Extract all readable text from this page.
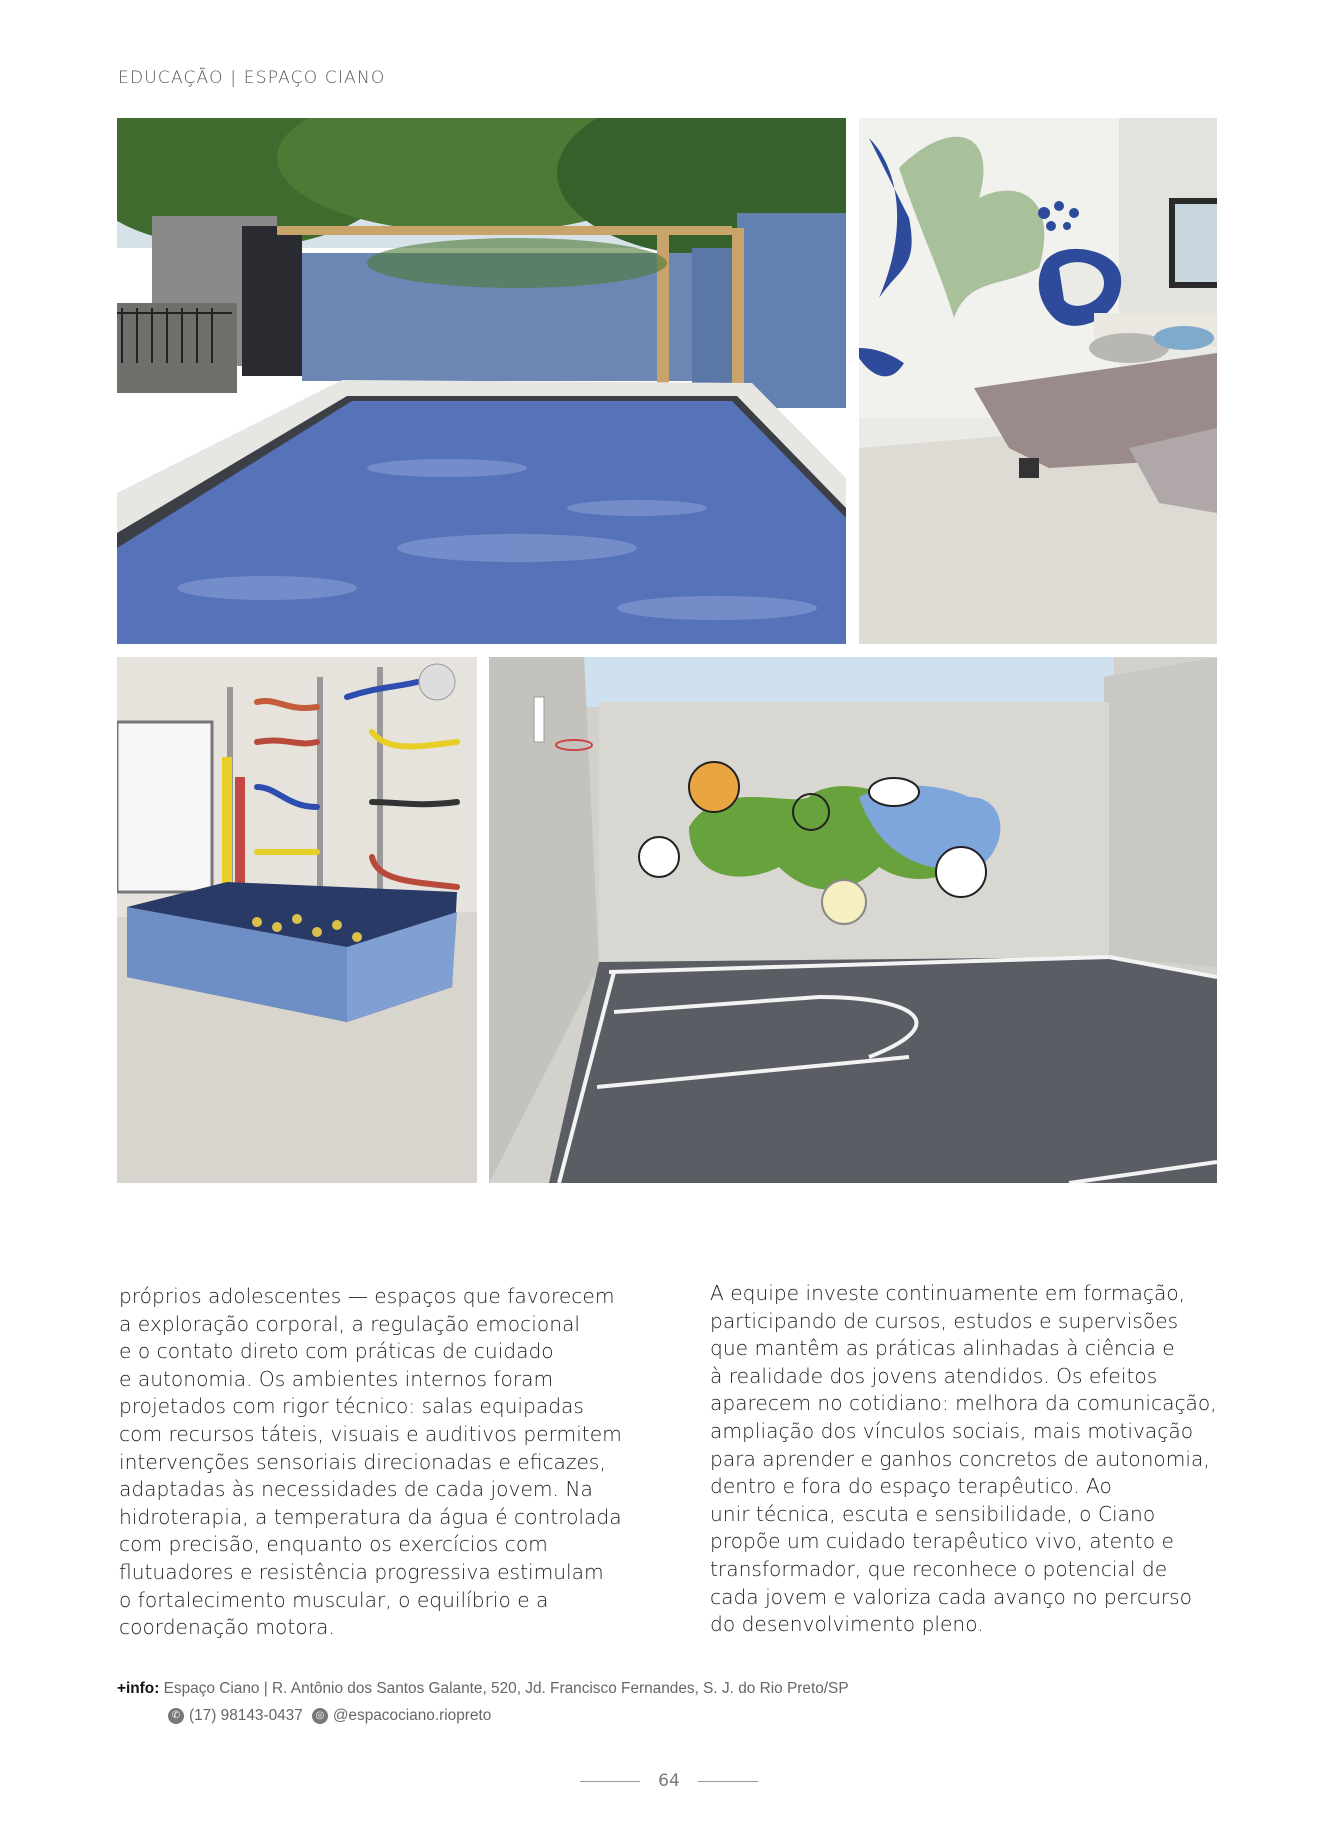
EDUCAÇÃO | ESPAÇO CIANO

próprios adolescentes — espaços que favorecem

a exploração corporal, a regulação emocional

e o contato direto com práticas de cuidado

e autonomia. Os ambientes internos foram

projetados com rigor técnico: salas equipadas

com recursos táteis, visuais e auditivos permitem

intervenções sensoriais direcionadas e eficazes,

adaptadas às necessidades de cada jovem. Na

hidroterapia, a temperatura da água é controlada

com precisão, enquanto os exercícios com

flutuadores e resistência progressiva estimulam

o fortalecimento muscular, o equilíbrio e a

coordenação motora.

A equipe investe continuamente em formação,

participando de cursos, estudos e supervisões

que mantêm as práticas alinhadas à ciência e

à realidade dos jovens atendidos. Os efeitos

aparecem no cotidiano: melhora da comunicação,

ampliação dos vínculos sociais, mais motivação

para aprender e ganhos concretos de autonomia,

dentro e fora do espaço terapêutico. Ao

unir técnica, escuta e sensibilidade, o Ciano

propõe um cuidado terapêutico vivo, atento e

transformador, que reconhece o potencial de

cada jovem e valoriza cada avanço no percurso

do desenvolvimento pleno.

+info: Espaço Ciano | R. Antônio dos Santos Galante, 520, Jd. Francisco Fernandes, S. J. do Rio Preto/SP
✆ (17) 98143-0437	◎ @espacociano.riopreto
64
